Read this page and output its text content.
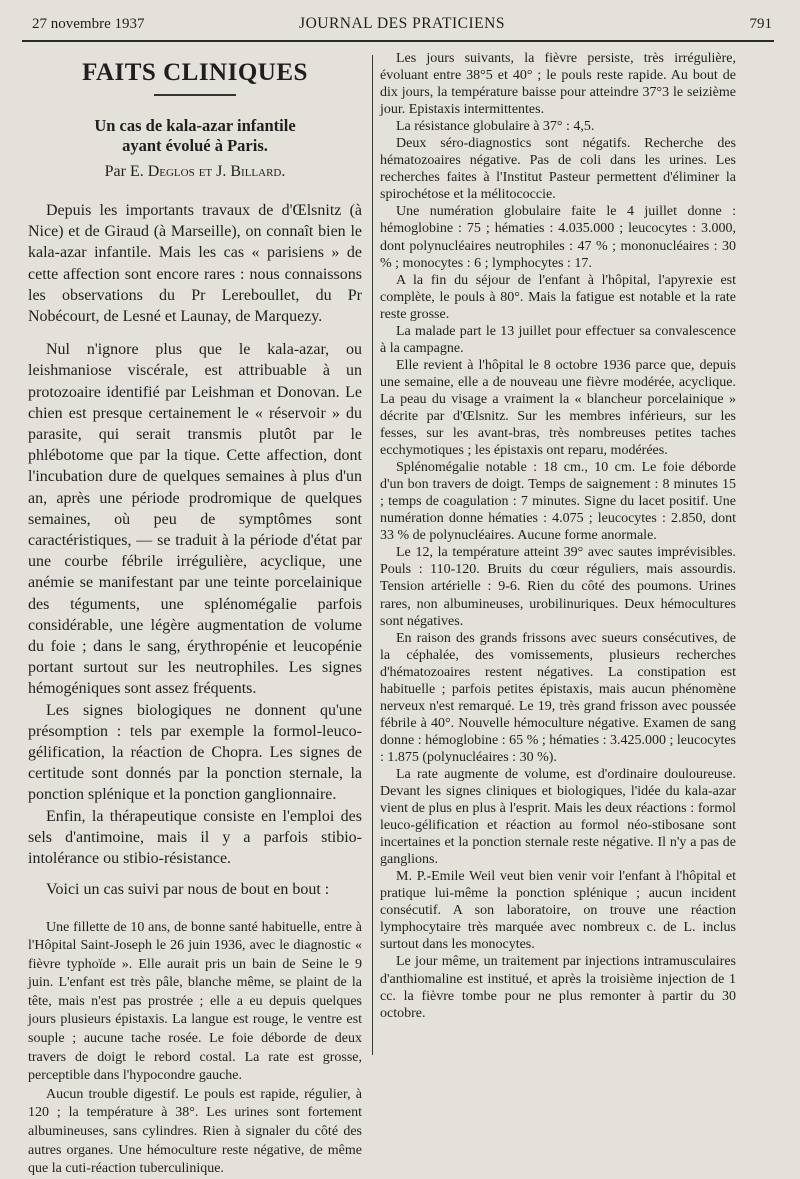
27 novembre 1937	JOURNAL DES PRATICIENS	791
FAITS CLINIQUES
Un cas de kala-azar infantile
ayant évolué à Paris.
Par E. Deglos et J. Billard.

Depuis les importants travaux de d'Œlsnitz (à Nice) et de Giraud (à Marseille), on connaît bien le kala-azar infantile. Mais les cas « parisiens » de cette affection sont encore rares : nous connaissons les observations du Pr Lereboullet, du Pr Nobécourt, de Lesné et Launay, de Marquezy.

Nul n'ignore plus que le kala-azar, ou leishmaniose viscérale, est attribuable à un protozoaire identifié par Leishman et Donovan. Le chien est presque certainement le « réservoir » du parasite, qui serait transmis plutôt par le phlébotome que par la tique. Cette affection, dont l'incubation dure de quelques semaines à plus d'un an, après une période prodromique de quelques semaines, où peu de symptômes sont caractéristiques, — se traduit à la période d'état par une courbe fébrile irrégulière, acyclique, une anémie se manifestant par une teinte porcelainique des téguments, une splénomégalie parfois considérable, une légère augmentation de volume du foie ; dans le sang, érythropénie et leucopénie portant surtout sur les neutrophiles. Les signes hémogéniques sont assez fréquents.

Les signes biologiques ne donnent qu'une présomption : tels par exemple la formol-leuco-gélification, la réaction de Chopra. Les signes de certitude sont donnés par la ponction sternale, la ponction splénique et la ponction ganglionnaire.

Enfin, la thérapeutique consiste en l'emploi des sels d'antimoine, mais il y a parfois stibio-intolérance ou stibio-résistance.

Voici un cas suivi par nous de bout en bout :

Une fillette de 10 ans, de bonne santé habituelle, entre à l'Hôpital Saint-Joseph le 26 juin 1936, avec le diagnostic « fièvre typhoïde ». Elle aurait pris un bain de Seine le 9 juin. L'enfant est très pâle, blanche même, se plaint de la tête, mais n'est pas prostrée ; elle a eu depuis quelques jours plusieurs épistaxis. La langue est rouge, le ventre est souple ; aucune tache rosée. Le foie déborde de deux travers de doigt le rebord costal. La rate est grosse, perceptible dans l'hypocondre gauche.

Aucun trouble digestif. Le pouls est rapide, régulier, à 120 ; la température à 38°. Les urines sont fortement albumineuses, sans cylindres. Rien à signaler du côté des autres organes. Une hémoculture reste négative, de même que la cuti-réaction tuberculinique.

Les jours suivants, la fièvre persiste, très irrégulière, évoluant entre 38°5 et 40° ; le pouls reste rapide. Au bout de dix jours, la température baisse pour atteindre 37°3 le seizième jour. Epistaxis intermittentes.

La résistance globulaire à 37° : 4,5.

Deux séro-diagnostics sont négatifs. Recherche des hématozoaires négative. Pas de coli dans les urines. Les recherches faites à l'Institut Pasteur permettent d'éliminer la spirochétose et la mélitococcie.

Une numération globulaire faite le 4 juillet donne : hémoglobine : 75 ; hématies : 4.035.000 ; leucocytes : 3.000, dont polynucléaires neutrophiles : 47 % ; mononucléaires : 30 % ; monocytes : 6 ; lymphocytes : 17.

A la fin du séjour de l'enfant à l'hôpital, l'apyrexie est complète, le pouls à 80°. Mais la fatigue est notable et la rate reste grosse.

La malade part le 13 juillet pour effectuer sa convalescence à la campagne.

Elle revient à l'hôpital le 8 octobre 1936 parce que, depuis une semaine, elle a de nouveau une fièvre modérée, acyclique. La peau du visage a vraiment la « blancheur porcelainique » décrite par d'Œlsnitz. Sur les membres inférieurs, sur les fesses, sur les avant-bras, très nombreuses petites taches ecchymotiques ; les épistaxis ont reparu, modérées.

Splénomégalie notable : 18 cm., 10 cm. Le foie déborde d'un bon travers de doigt. Temps de saignement : 8 minutes 15 ; temps de coagulation : 7 minutes. Signe du lacet positif. Une numération donne hématies : 4.075 ; leucocytes : 2.850, dont 33 % de polynucléaires. Aucune forme anormale.

Le 12, la température atteint 39° avec sautes imprévisibles. Pouls : 110-120. Bruits du cœur réguliers, mais assourdis. Tension artérielle : 9-6. Rien du côté des poumons. Urines rares, non albumineuses, urobilinuriques. Deux hémocultures sont négatives.

En raison des grands frissons avec sueurs consécutives, de la céphalée, des vomissements, plusieurs recherches d'hématozoaires restent négatives. La constipation est habituelle ; parfois petites épistaxis, mais aucun phénomène nerveux n'est remarqué. Le 19, très grand frisson avec poussée fébrile à 40°. Nouvelle hémoculture négative. Examen de sang donne : hémoglobine : 65 % ; hématies : 3.425.000 ; leucocytes : 1.875 (polynucléaires : 30 %).

La rate augmente de volume, est d'ordinaire douloureuse. Devant les signes cliniques et biologiques, l'idée du kala-azar vient de plus en plus à l'esprit. Mais les deux réactions : formol leuco-gélification et réaction au formol néo-stibosane sont incertaines et la ponction sternale reste négative. Il n'y a pas de ganglions.

M. P.-Emile Weil veut bien venir voir l'enfant à l'hôpital et pratique lui-même la ponction splénique ; aucun incident consécutif. A son laboratoire, on trouve une réaction lymphocytaire très marquée avec nombreux c. de L. inclus surtout dans les monocytes.

Le jour même, un traitement par injections intramusculaires d'anthiomaline est institué, et après la troisième injection de 1 cc. la fièvre tombe pour ne plus remonter à partir du 30 octobre.
